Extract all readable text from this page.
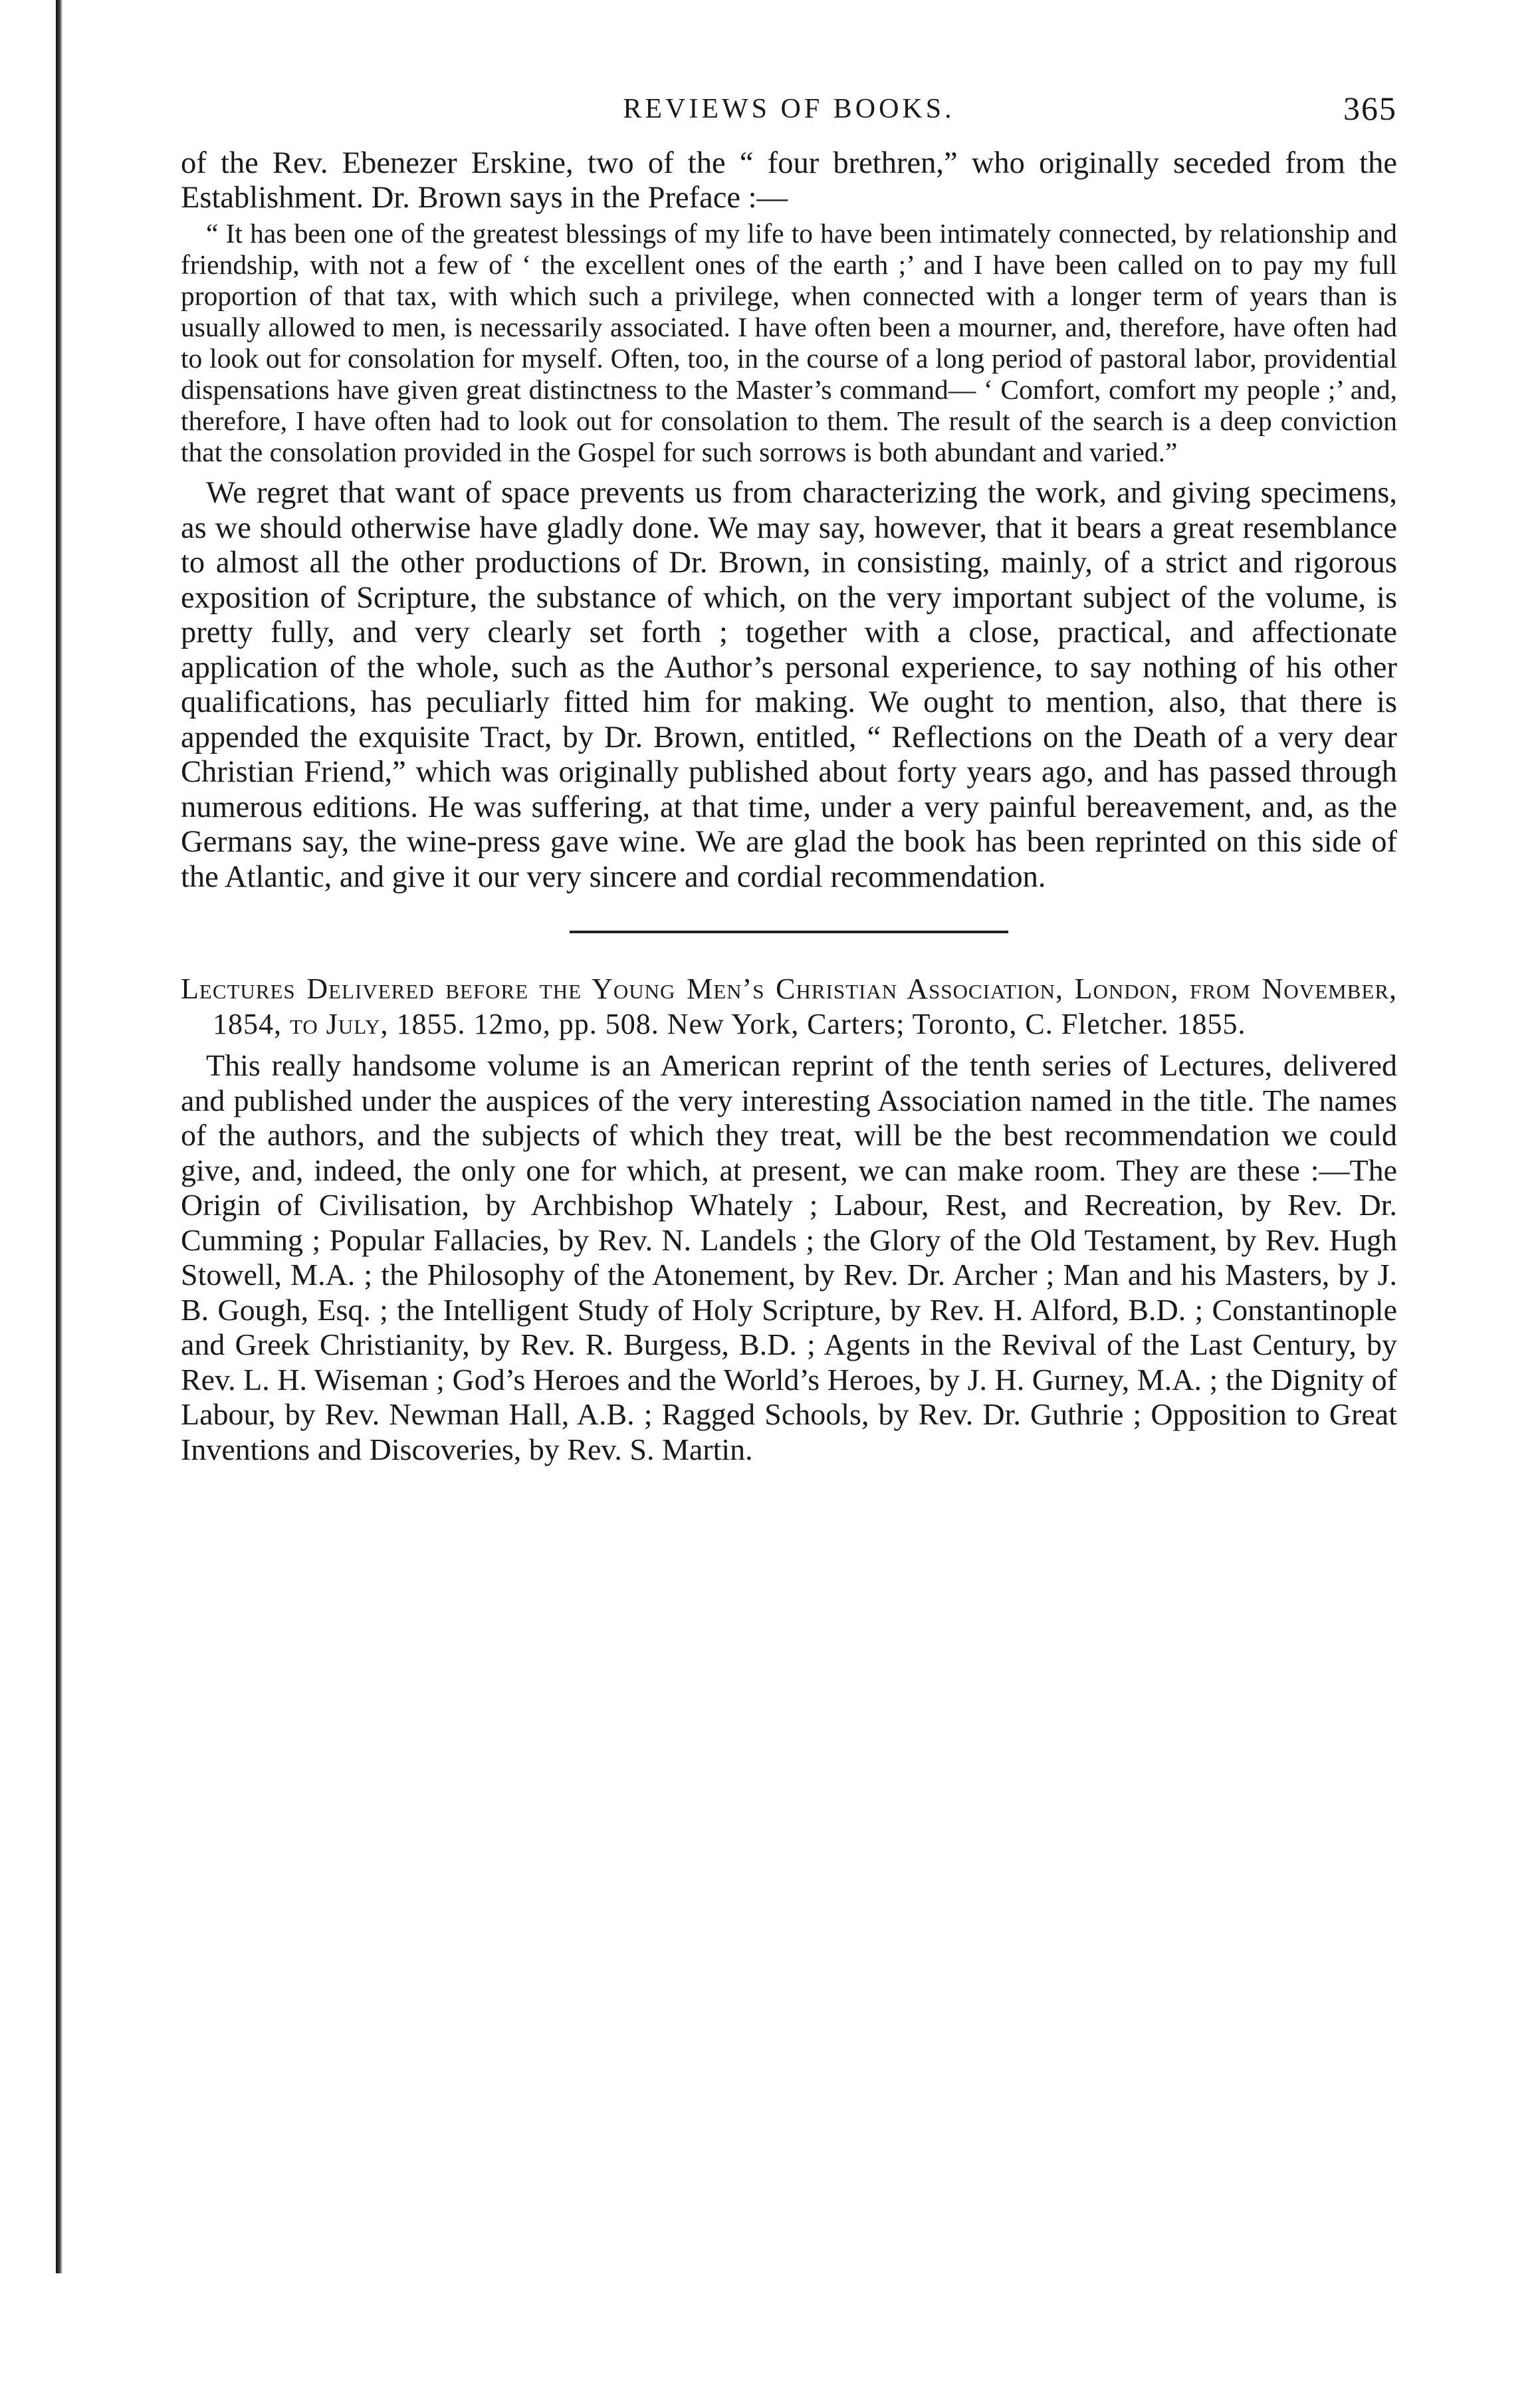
REVIEWS OF BOOKS.	365

of the Rev. Ebenezer Erskine, two of the “ four brethren,” who originally seceded from the Establishment. Dr. Brown says in the Preface :—

“ It has been one of the greatest blessings of my life to have been intimately connected, by relationship and friendship, with not a few of ‘ the excellent ones of the earth ;’ and I have been called on to pay my full proportion of that tax, with which such a privilege, when connected with a longer term of years than is usually allowed to men, is necessarily associated. I have often been a mourner, and, therefore, have often had to look out for consolation for myself. Often, too, in the course of a long period of pastoral labor, providential dispensations have given great distinctness to the Master’s command— ‘ Comfort, comfort my people ;’ and, therefore, I have often had to look out for consolation to them. The result of the search is a deep conviction that the consolation provided in the Gospel for such sorrows is both abundant and varied.”

We regret that want of space prevents us from characterizing the work, and giving specimens, as we should otherwise have gladly done. We may say, however, that it bears a great resemblance to almost all the other productions of Dr. Brown, in consisting, mainly, of a strict and rigorous exposition of Scripture, the substance of which, on the very important subject of the volume, is pretty fully, and very clearly set forth ; together with a close, practical, and affectionate application of the whole, such as the Author’s personal experience, to say nothing of his other qualifications, has peculiarly fitted him for making. We ought to mention, also, that there is appended the exquisite Tract, by Dr. Brown, entitled, “ Reflections on the Death of a very dear Christian Friend,” which was originally published about forty years ago, and has passed through numerous editions. He was suffering, at that time, under a very painful bereavement, and, as the Germans say, the wine-press gave wine. We are glad the book has been reprinted on this side of the Atlantic, and give it our very sincere and cordial recommendation.

Lectures Delivered before the Young Men’s Christian Association, London, from November, 1854, to July, 1855. 12mo, pp. 508. New York, Carters; Toronto, C. Fletcher. 1855.

This really handsome volume is an American reprint of the tenth series of Lectures, delivered and published under the auspices of the very interesting Association named in the title. The names of the authors, and the subjects of which they treat, will be the best recommendation we could give, and, indeed, the only one for which, at present, we can make room. They are these :—The Origin of Civilisation, by Archbishop Whately ; Labour, Rest, and Recreation, by Rev. Dr. Cumming ; Popular Fallacies, by Rev. N. Landels ; the Glory of the Old Testament, by Rev. Hugh Stowell, M.A. ; the Philosophy of the Atonement, by Rev. Dr. Archer ; Man and his Masters, by J. B. Gough, Esq. ; the Intelligent Study of Holy Scripture, by Rev. H. Alford, B.D. ; Constantinople and Greek Christianity, by Rev. R. Burgess, B.D. ; Agents in the Revival of the Last Century, by Rev. L. H. Wiseman ; God’s Heroes and the World’s Heroes, by J. H. Gurney, M.A. ; the Dignity of Labour, by Rev. Newman Hall, A.B. ; Ragged Schools, by Rev. Dr. Guthrie ; Opposition to Great Inventions and Discoveries, by Rev. S. Martin.
